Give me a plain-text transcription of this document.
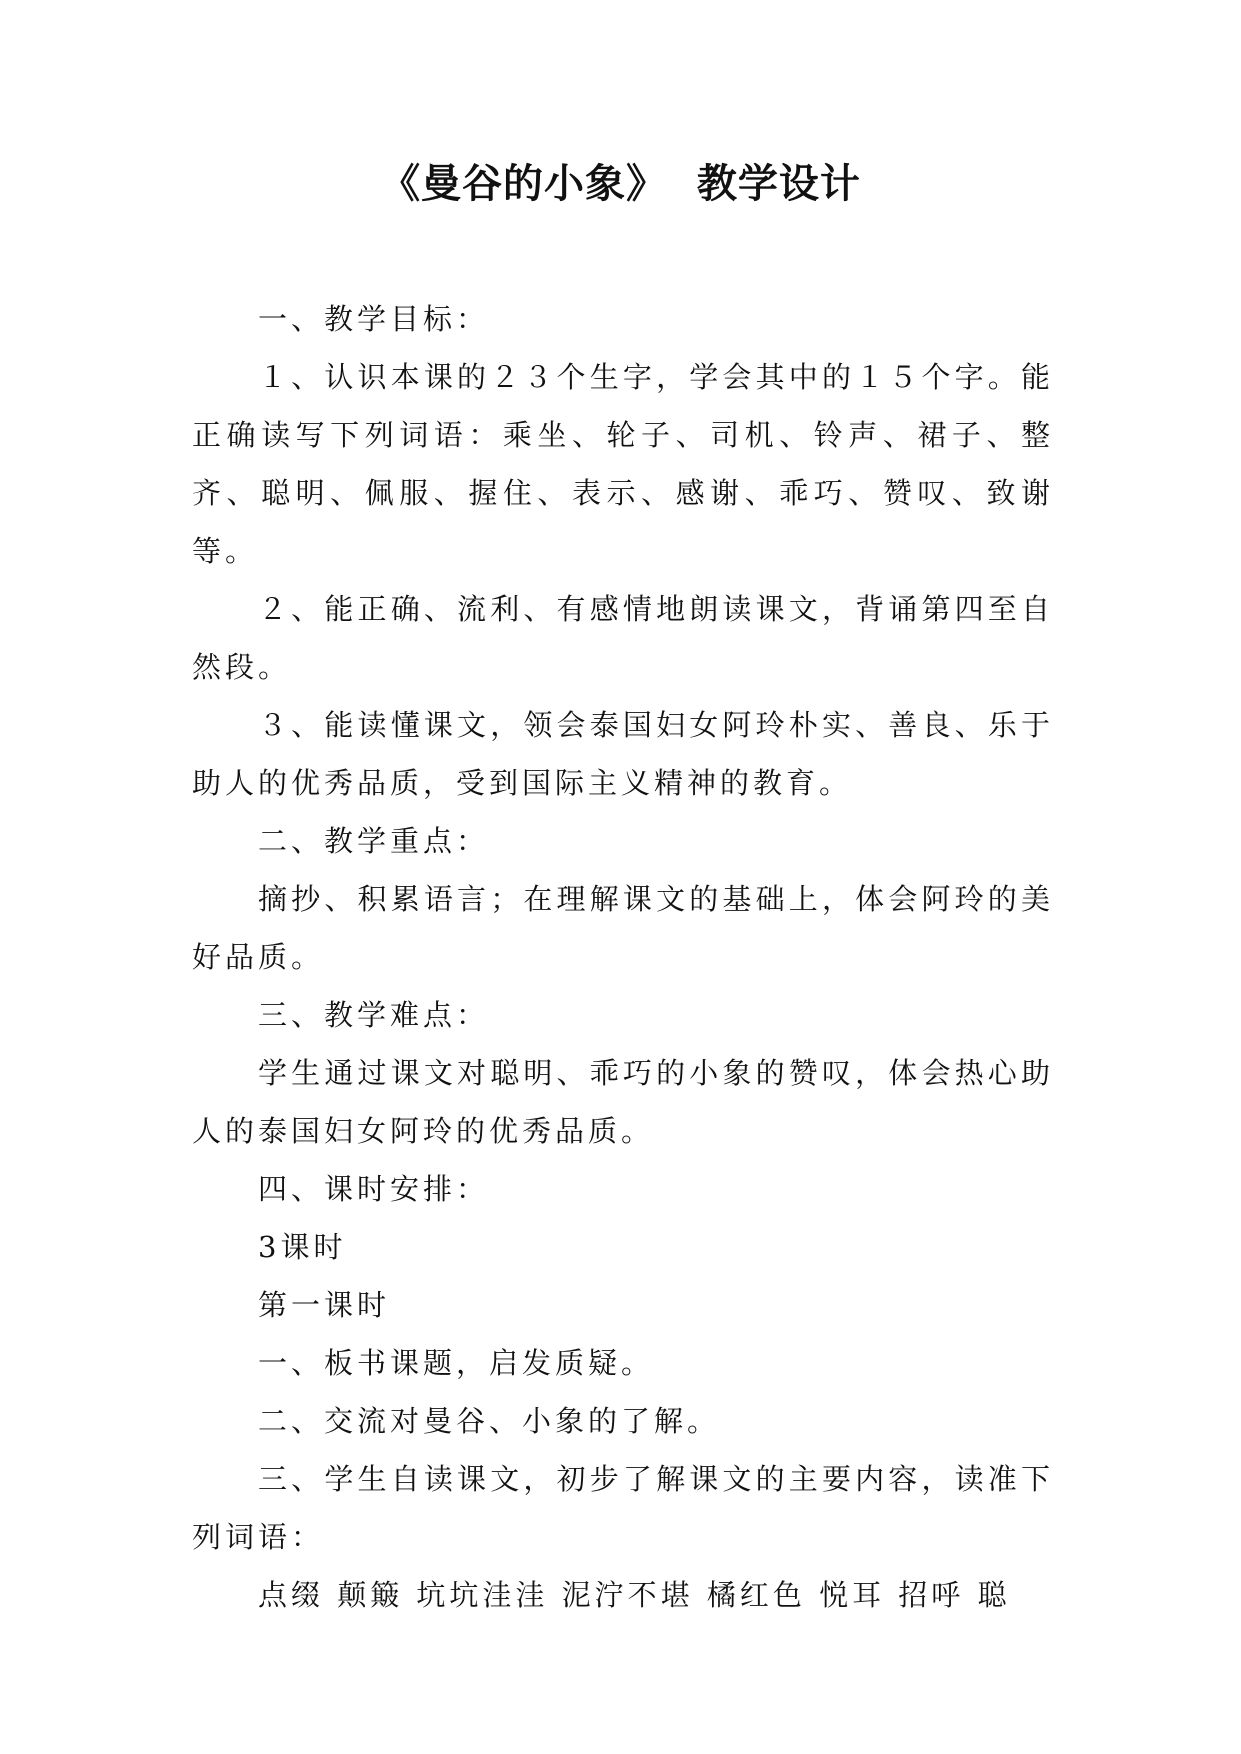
《曼谷的小象》  教学设计

一、教学目标：

１、认识本课的２３个生字，学会其中的１５个字。能正确读写下列词语：乘坐、轮子、司机、铃声、裙子、整齐、聪明、佩服、握住、表示、感谢、乖巧、赞叹、致谢等。

２、能正确、流利、有感情地朗读课文，背诵第四至自然段。

３、能读懂课文，领会泰国妇女阿玲朴实、善良、乐于助人的优秀品质，受到国际主义精神的教育。

二、教学重点：

摘抄、积累语言；在理解课文的基础上，体会阿玲的美好品质。

三、教学难点：

学生通过课文对聪明、乖巧的小象的赞叹，体会热心助人的泰国妇女阿玲的优秀品质。

四、课时安排：

3课时

第一课时

一、板书课题，启发质疑。

二、交流对曼谷、小象的了解。

三、学生自读课文，初步了解课文的主要内容，读准下列词语：

点缀 颠簸 坑坑洼洼 泥泞不堪 橘红色 悦耳 招呼 聪
